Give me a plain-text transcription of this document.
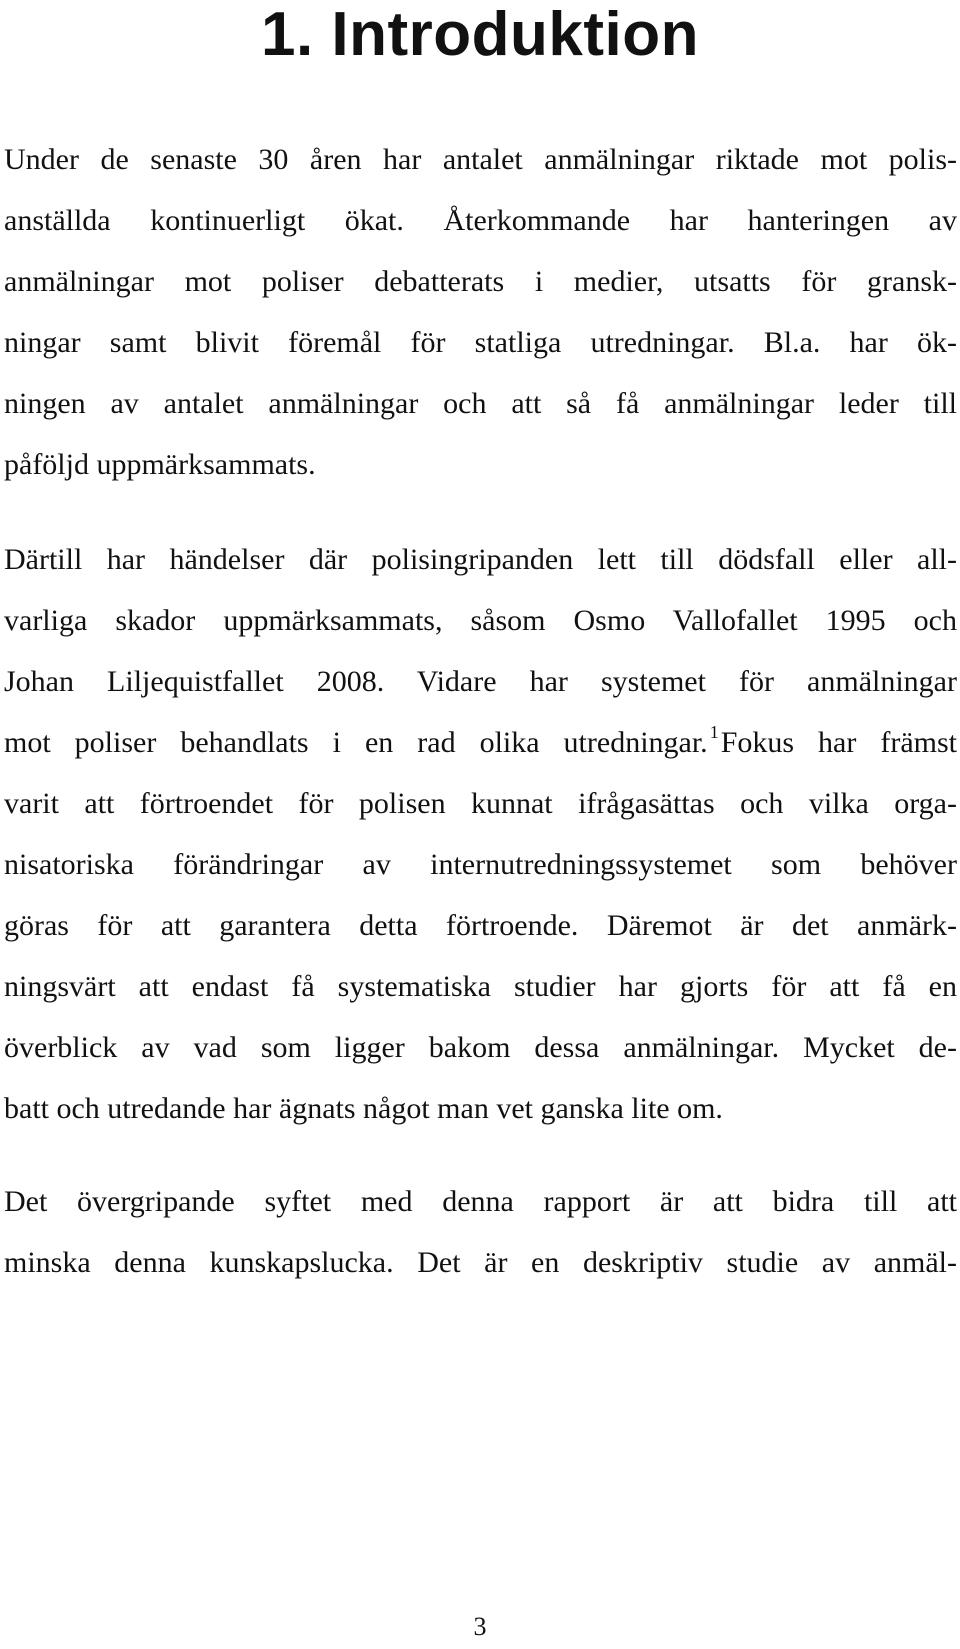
1. Introduktion
Under de senaste 30 åren har antalet anmälningar riktade mot polis-
anställda kontinuerligt ökat. Återkommande har hanteringen av
anmälningar mot poliser debatterats i medier, utsatts för gransk-
ningar samt blivit föremål för statliga utredningar. Bl.a. har ök-
ningen av antalet anmälningar och att så få anmälningar leder till
påföljd uppmärksammats.
Därtill har händelser där polisingripanden lett till dödsfall eller all-
varliga skador uppmärksammats, såsom Osmo Vallofallet 1995 och
Johan Liljequistfallet 2008. Vidare har systemet för anmälningar
mot poliser behandlats i en rad olika utredningar. $^1$Fokus har främst
varit att förtroendet för polisen kunnat ifrågasättas och vilka orga-
nisatoriska förändringar av internutredningssystemet som behöver
göras för att garantera detta förtroende. Däremot är det anmärk-
ningsvärt att endast få systematiska studier har gjorts för att få en
överblick av vad som ligger bakom dessa anmälningar. Mycket de-
batt och utredande har ägnats något man vet ganska lite om.
Det övergripande syftet med denna rapport är att bidra till att
minska denna kunskapslucka. Det är en deskriptiv studie av anmäl-
3
